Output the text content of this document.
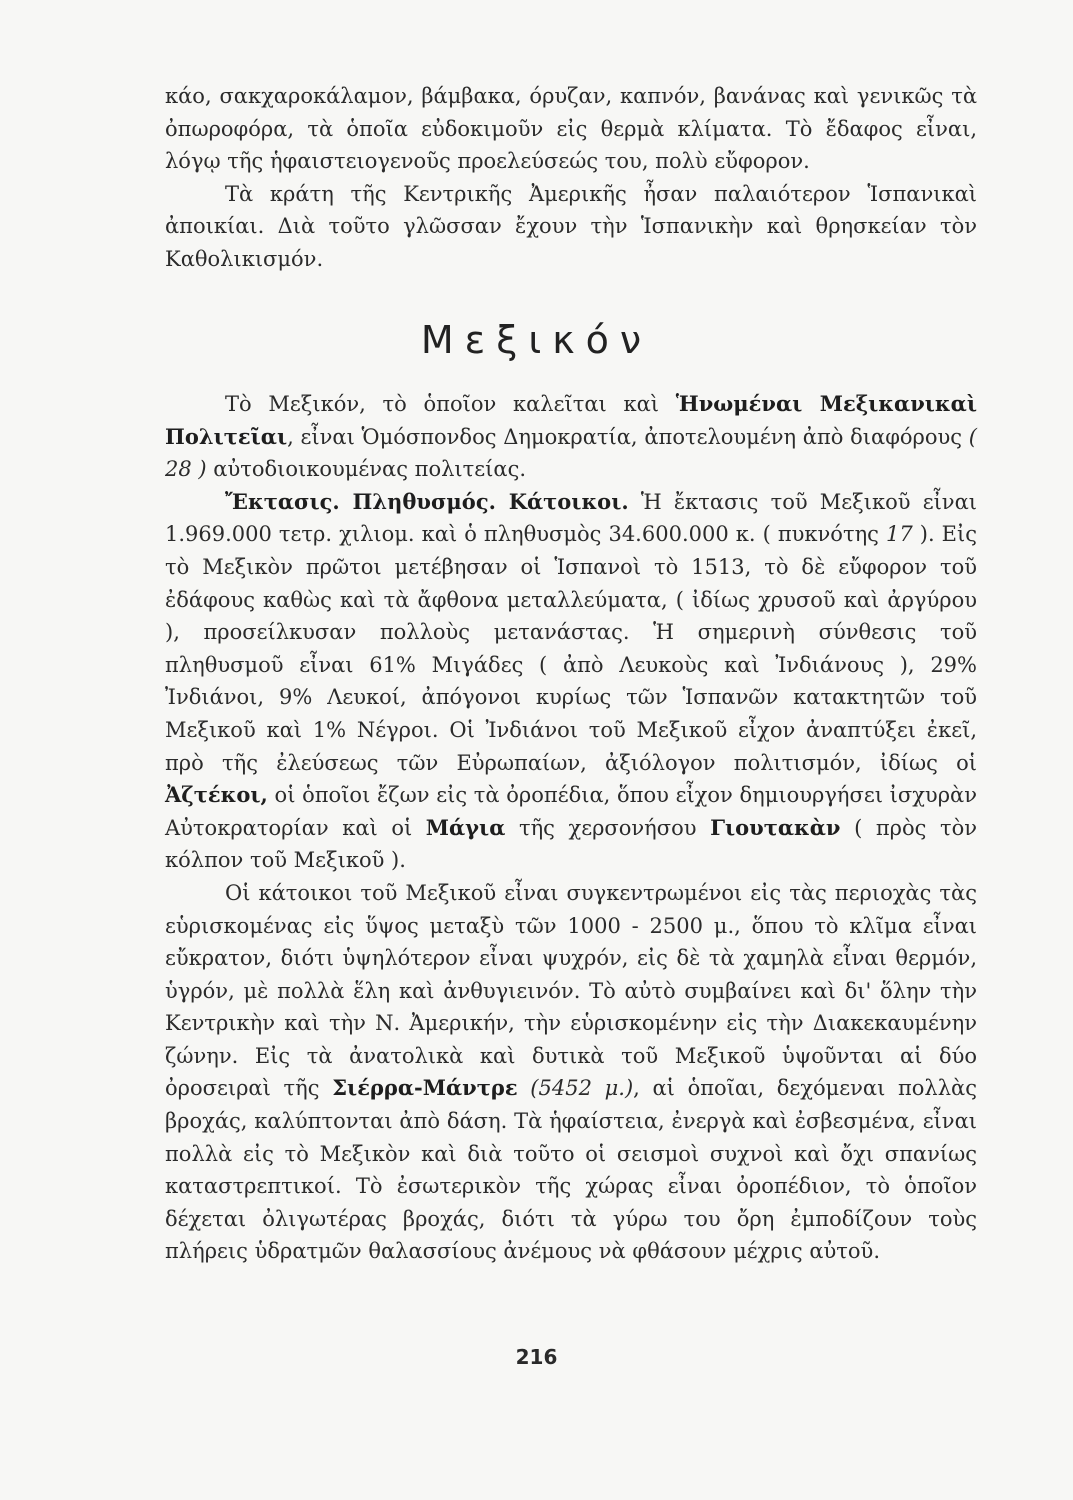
κάο, σακχαροκάλαμον, βάμβακα, όρυζαν, καπνόν, βανάνας καὶ γενικῶς τὰ ὀπωροφόρα, τὰ ὁποῖα εὐδοκιμοῦν εἰς θερμὰ κλίματα. Τὸ ἔδαφος εἶναι, λόγῳ τῆς ἡφαιστειογενοῦς προελεύσεώς του, πολὺ εὔφορον.

Τὰ κράτη τῆς Κεντρικῆς Ἀμερικῆς ἦσαν παλαιότερον Ἱσπανικαὶ ἀποικίαι. Διὰ τοῦτο γλῶσσαν ἔχουν τὴν Ἱσπανικὴν καὶ θρησκείαν τὸν Καθολικισμόν.

Μεξικόν

Τὸ Μεξικόν, τὸ ὁποῖον καλεῖται καὶ Ἡνωμέναι Μεξικανικαὶ Πολιτεῖαι, εἶναι Ὁμόσπονδος Δημοκρατία, ἀποτελουμένη ἀπὸ διαφόρους ( 28 ) αὐτοδιοικουμένας πολιτείας.

Ἔκτασις. Πληθυσμός. Κάτοικοι. Ἡ ἔκτασις τοῦ Μεξικοῦ εἶναι 1.969.000 τετρ. χιλιομ. καὶ ὁ πληθυσμὸς 34.600.000 κ. ( πυκνότης 17 ). Εἰς τὸ Μεξικὸν πρῶτοι μετέβησαν οἱ Ἱσπανοὶ τὸ 1513, τὸ δὲ εὔφορον τοῦ ἐδάφους καθὼς καὶ τὰ ἄφθονα μεταλλεύματα, ( ἰδίως χρυσοῦ καὶ ἀργύρου ), προσείλκυσαν πολλοὺς μετανάστας. Ἡ σημερινὴ σύνθεσις τοῦ πληθυσμοῦ εἶναι 61% Μιγάδες ( ἀπὸ Λευκοὺς καὶ Ἰνδιάνους ), 29% Ἰνδιάνοι, 9% Λευκοί, ἀπόγονοι κυρίως τῶν Ἱσπανῶν κατακτητῶν τοῦ Μεξικοῦ καὶ 1% Νέγροι. Οἱ Ἰνδιάνοι τοῦ Μεξικοῦ εἶχον ἀναπτύξει ἐκεῖ, πρὸ τῆς ἐλεύσεως τῶν Εὐρωπαίων, ἀξιόλογον πολιτισμόν, ἰδίως οἱ Ἀζτέκοι, οἱ ὁποῖοι ἔζων εἰς τὰ ὀροπέδια, ὅπου εἶχον δημιουργήσει ἰσχυρὰν Αὐτοκρατορίαν καὶ οἱ Μάγια τῆς χερσονήσου Γιουτακὰν ( πρὸς τὸν κόλπον τοῦ Μεξικοῦ ).

Οἱ κάτοικοι τοῦ Μεξικοῦ εἶναι συγκεντρωμένοι εἰς τὰς περιοχὰς τὰς εὑρισκομένας εἰς ὕψος μεταξὺ τῶν 1000 - 2500 μ., ὅπου τὸ κλῖμα εἶναι εὔκρατον, διότι ὑψηλότερον εἶναι ψυχρόν, εἰς δὲ τὰ χαμηλὰ εἶναι θερμόν, ὑγρόν, μὲ πολλὰ ἕλη καὶ ἀνθυγιεινόν. Τὸ αὐτὸ συμβαίνει καὶ δι' ὅλην τὴν Κεντρικὴν καὶ τὴν Ν. Ἀμερικήν, τὴν εὑρισκομένην εἰς τὴν Διακεκαυμένην ζώνην. Εἰς τὰ ἀνατολικὰ καὶ δυτικὰ τοῦ Μεξικοῦ ὑψοῦνται αἱ δύο ὀροσειραὶ τῆς Σιέρρα-Μάντρε (5452 μ.), αἱ ὁποῖαι, δεχόμεναι πολλὰς βροχάς, καλύπτονται ἀπὸ δάση. Τὰ ἡφαίστεια, ἐνεργὰ καὶ ἐσβεσμένα, εἶναι πολλὰ εἰς τὸ Μεξικὸν καὶ διὰ τοῦτο οἱ σεισμοὶ συχνοὶ καὶ ὄχι σπανίως καταστρεπτικοί. Τὸ ἐσωτερικὸν τῆς χώρας εἶναι ὀροπέδιον, τὸ ὁποῖον δέχεται ὀλιγωτέρας βροχάς, διότι τὰ γύρω του ὄρη ἐμποδίζουν τοὺς πλήρεις ὑδρατμῶν θαλασσίους ἀνέμους νὰ φθάσουν μέχρις αὐτοῦ.

216
